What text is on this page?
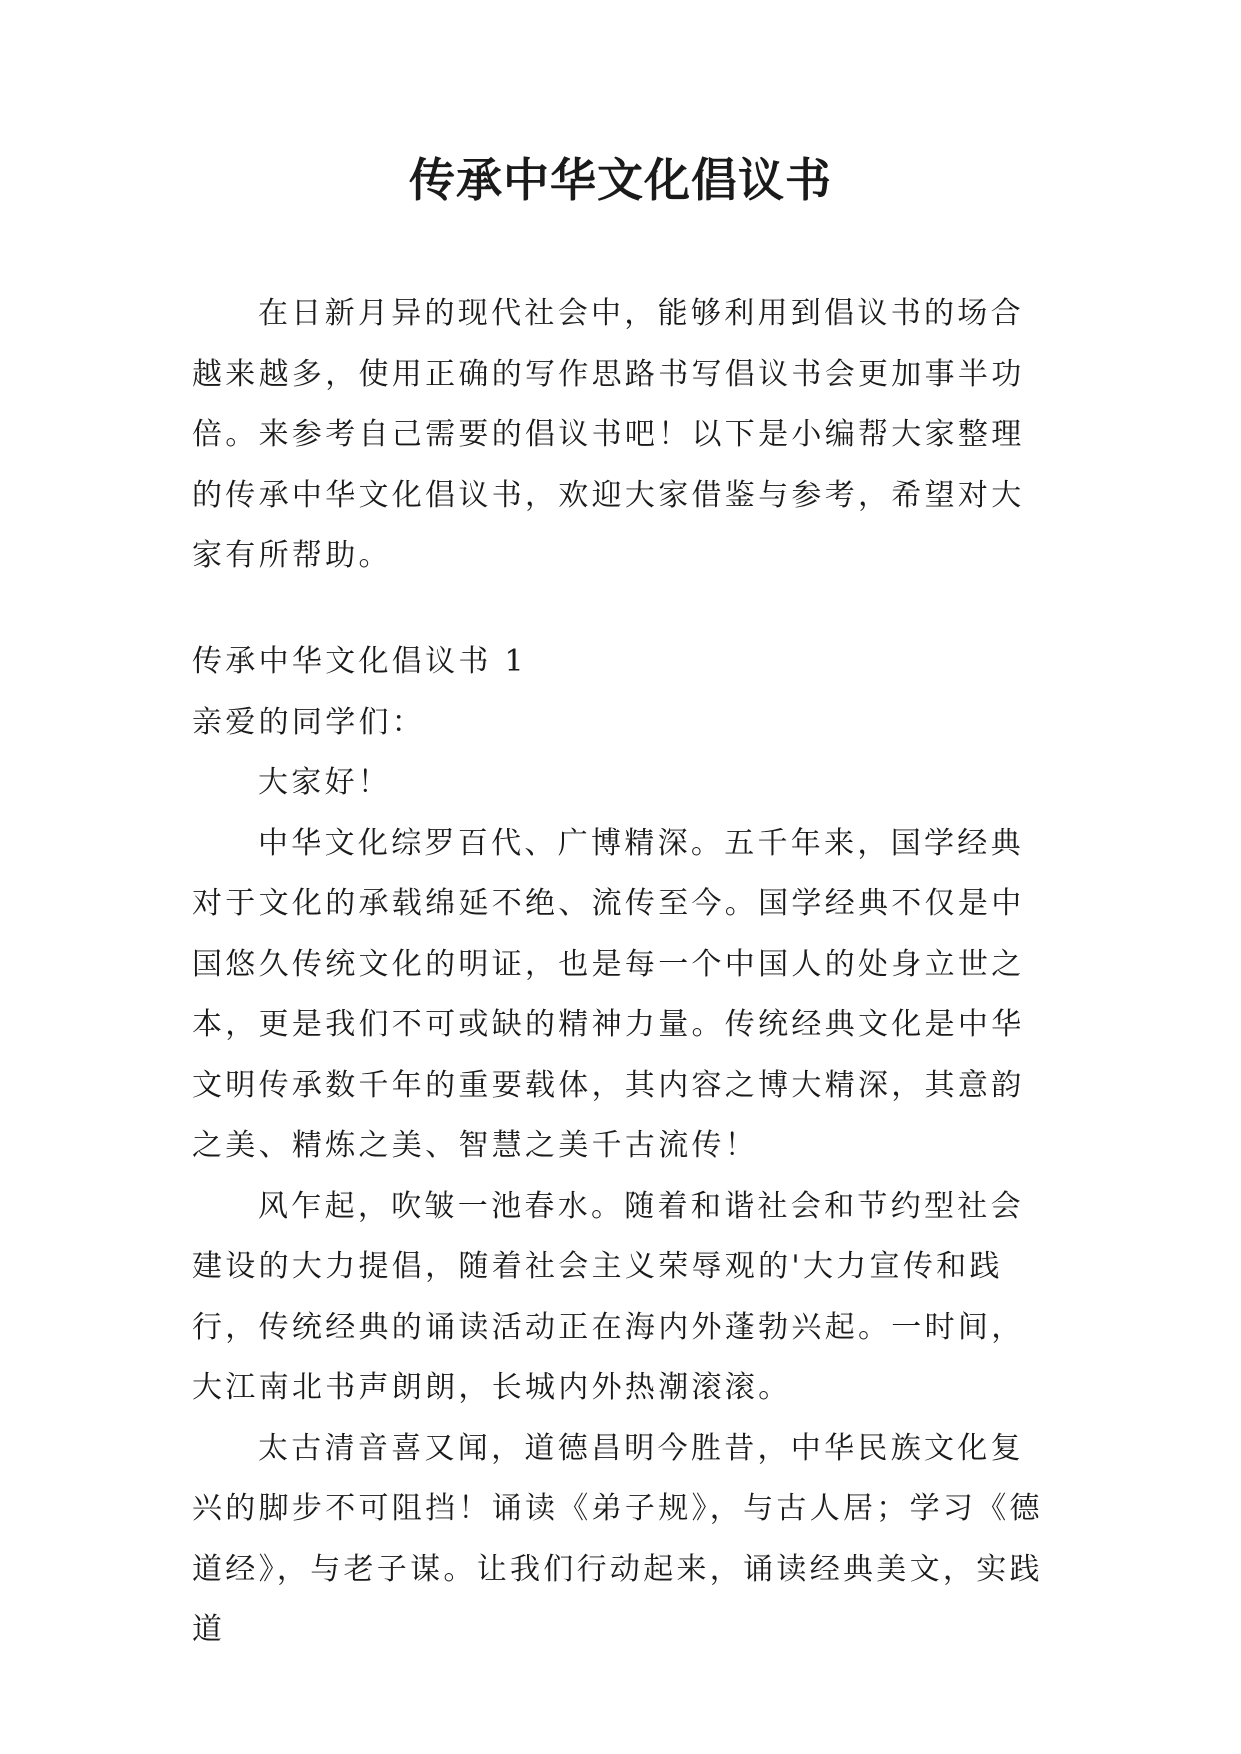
传承中华文化倡议书

在日新月异的现代社会中，能够利用到倡议书的场合越来越多，使用正确的写作思路书写倡议书会更加事半功倍。来参考自己需要的倡议书吧！以下是小编帮大家整理的传承中华文化倡议书，欢迎大家借鉴与参考，希望对大家有所帮助。

传承中华文化倡议书 1

亲爱的同学们：

大家好！

中华文化综罗百代、广博精深。五千年来，国学经典对于文化的承载绵延不绝、流传至今。国学经典不仅是中国悠久传统文化的明证，也是每一个中国人的处身立世之本，更是我们不可或缺的精神力量。传统经典文化是中华文明传承数千年的重要载体，其内容之博大精深，其意韵之美、精炼之美、智慧之美千古流传！

风乍起，吹皱一池春水。随着和谐社会和节约型社会建设的大力提倡，随着社会主义荣辱观的'大力宣传和践行，传统经典的诵读活动正在海内外蓬勃兴起。一时间，大江南北书声朗朗，长城内外热潮滚滚。

太古清音喜又闻，道德昌明今胜昔，中华民族文化复兴的脚步不可阻挡！诵读《弟子规》，与古人居；学习《德道经》，与老子谋。让我们行动起来，诵读经典美文，实践道
